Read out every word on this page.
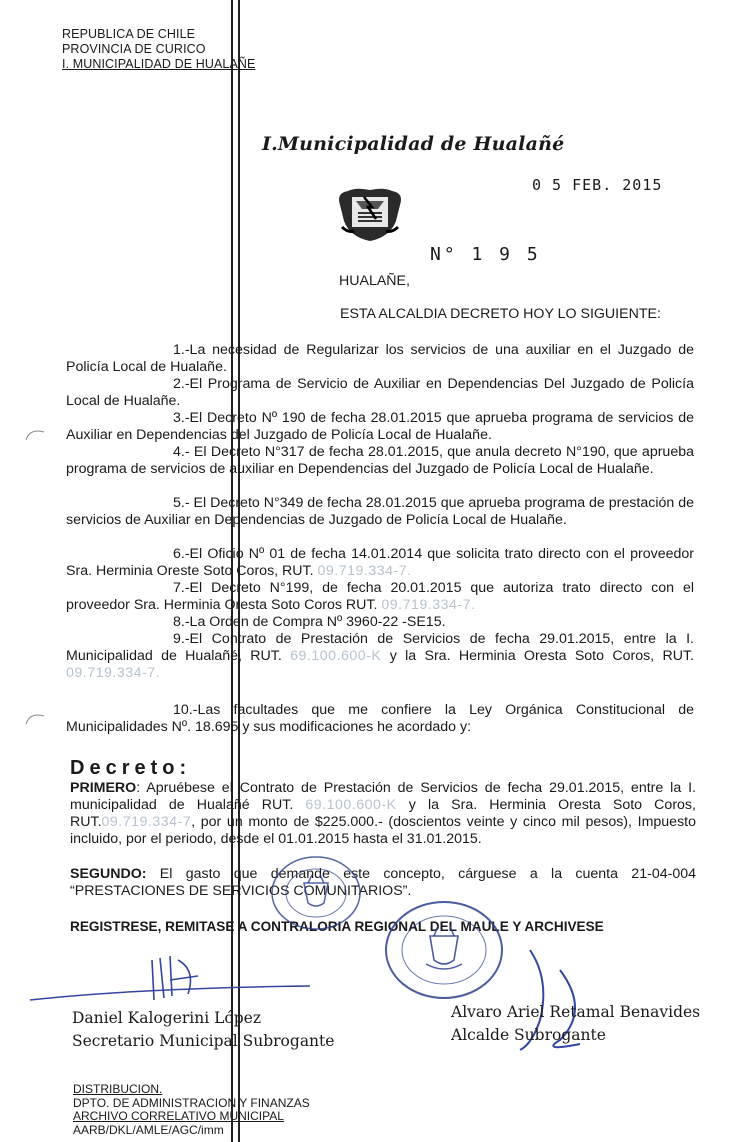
REPUBLICA DE CHILE
PROVINCIA DE CURICO
I. MUNICIPALIDAD DE HUALAÑE
I.Municipalidad de Hualañé
0 5 FEB. 2015
N° 1 9 5
HUALAÑE,
ESTA ALCALDIA DECRETO HOY LO SIGUIENTE:
1.-La necesidad de Regularizar los servicios de una auxiliar en el Juzgado de Policía Local de Hualañe.
2.-El Programa de Servicio de Auxiliar en Dependencias Del Juzgado de Policía Local de Hualañe.
3.-El Decreto Nº 190 de fecha 28.01.2015 que aprueba programa de servicios de Auxiliar en Dependencias del Juzgado de Policía Local de Hualañe.
4.- El Decreto N°317 de fecha 28.01.2015, que anula decreto N°190, que aprueba programa de servicios de auxiliar en Dependencias del Juzgado de Policía Local de Hualañe.
5.- El Decreto N°349 de fecha 28.01.2015 que aprueba programa de prestación de servicios de Auxiliar en Dependencias de Juzgado de Policía Local de Hualañe.
6.-El Oficio Nº 01 de fecha 14.01.2014 que solicita trato directo con el proveedor Sra. Herminia Oreste Soto Coros, RUT. 09.719.334-7.
7.-El Decreto N°199, de fecha 20.01.2015 que autoriza trato directo con el proveedor Sra. Herminia Oresta Soto Coros RUT. 09.719.334-7.
8.-La Orden de Compra Nº 3960-22 -SE15.
9.-El Contrato de Prestación de Servicios de fecha 29.01.2015, entre la I. Municipalidad de Hualañé, RUT. 69.100.600-K y la Sra. Herminia Oresta Soto Coros, RUT. 09.719.334-7.
10.-Las facultades que me confiere la Ley Orgánica Constitucional de Municipalidades Nº. 18.695 y sus modificaciones he acordado y:
Decreto:
PRIMERO: Apruébese el Contrato de Prestación de Servicios de fecha 29.01.2015, entre la I. municipalidad de Hualañé RUT. 69.100.600-K y la Sra. Herminia Oresta Soto Coros, RUT.09.719.334-7, por un monto de $225.000.- (doscientos veinte y cinco mil pesos), Impuesto incluido, por el periodo, desde el 01.01.2015 hasta el 31.01.2015.
SEGUNDO: El gasto que demande este concepto, cárguese a la cuenta 21-04-004 “PRESTACIONES DE SERVICIOS COMUNITARIOS”.
REGISTRESE, REMITASE A CONTRALORIA REGIONAL DEL MAULE Y ARCHIVESE
Daniel Kalogerini López
Secretario Municipal Subrogante
Alvaro Ariel Retamal Benavides
Alcalde Subrogante
DISTRIBUCION.
DPTO. DE ADMINISTRACION Y FINANZAS
ARCHIVO CORRELATIVO MUNICIPAL
AARB/DKL/AMLE/AGC/imm
